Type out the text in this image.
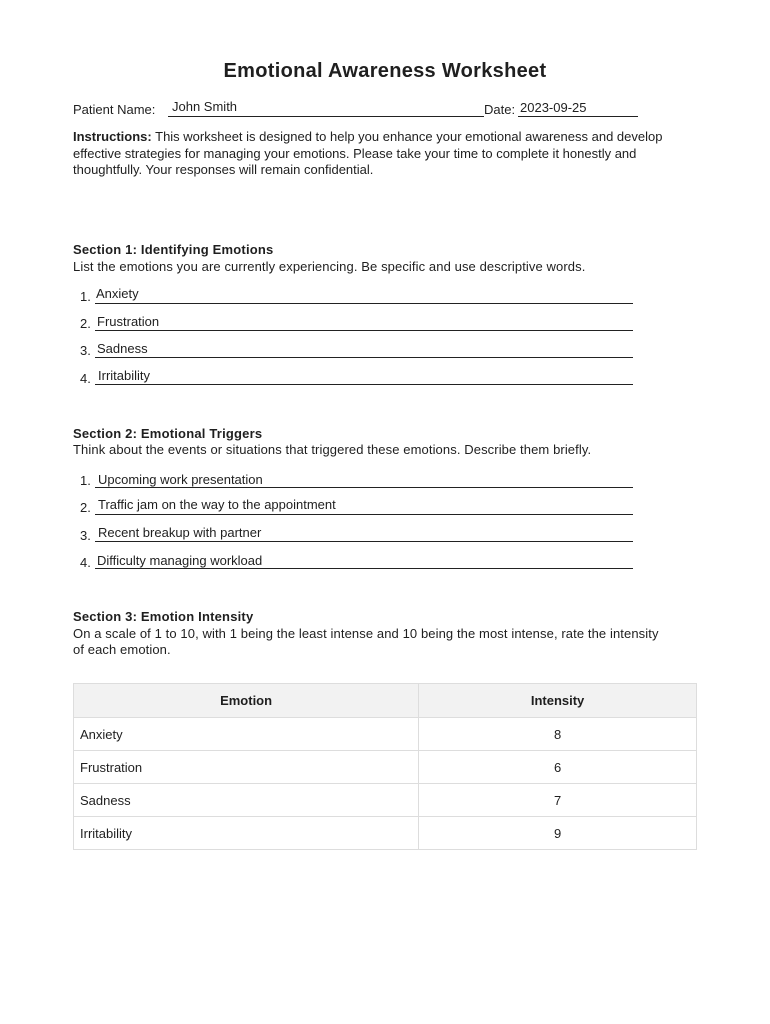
Emotional Awareness Worksheet
Patient Name: John Smith	Date: 2023-09-25
Instructions: This worksheet is designed to help you enhance your emotional awareness and develop effective strategies for managing your emotions. Please take your time to complete it honestly and thoughtfully. Your responses will remain confidential.
Section 1: Identifying Emotions
List the emotions you are currently experiencing. Be specific and use descriptive words.
1. Anxiety
2. Frustration
3. Sadness
4. Irritability
Section 2: Emotional Triggers
Think about the events or situations that triggered these emotions. Describe them briefly.
1. Upcoming work presentation
2. Traffic jam on the way to the appointment
3. Recent breakup with partner
4. Difficulty managing workload
Section 3: Emotion Intensity
On a scale of 1 to 10, with 1 being the least intense and 10 being the most intense, rate the intensity of each emotion.
Emotion	Intensity
Anxiety	8
Frustration	6
Sadness	7
Irritability	9
